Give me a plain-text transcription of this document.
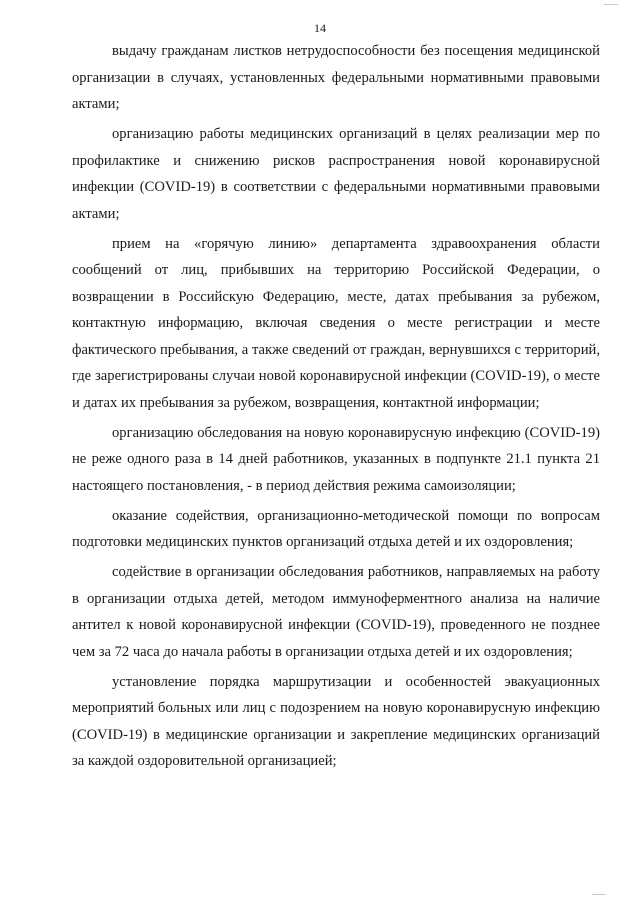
14

выдачу гражданам листков нетрудоспособности без посещения медицинской организации в случаях, установленных федеральными нормативными правовыми актами;

организацию работы медицинских организаций в целях реализации мер по профилактике и снижению рисков распространения новой коронавирусной инфекции (COVID-19) в соответствии с федеральными нормативными правовыми актами;

прием на «горячую линию» департамента здравоохранения области сообщений от лиц, прибывших на территорию Российской Федерации, о возвращении в Российскую Федерацию, месте, датах пребывания за рубежом, контактную информацию, включая сведения о месте регистрации и месте фактического пребывания, а также сведений от граждан, вернувшихся с территорий, где зарегистрированы случаи новой коронавирусной инфекции (COVID-19), о месте и датах их пребывания за рубежом, возвращения, контактной информации;

организацию обследования на новую коронавирусную инфекцию (COVID-19) не реже одного раза в 14 дней работников, указанных в подпункте 21.1 пункта 21 настоящего постановления, - в период действия режима самоизоляции;

оказание содействия, организационно-методической помощи по вопросам подготовки медицинских пунктов организаций отдыха детей и их оздоровления;

содействие в организации обследования работников, направляемых на работу в организации отдыха детей, методом иммуноферментного анализа на наличие антител к новой коронавирусной инфекции (COVID-19), проведенного не позднее чем за 72 часа до начала работы в организации отдыха детей и их оздоровления;

установление порядка маршрутизации и особенностей эвакуационных мероприятий больных или лиц с подозрением на новую коронавирусную инфекцию (COVID-19) в медицинские организации и закрепление медицинских организаций за каждой оздоровительной организацией;
